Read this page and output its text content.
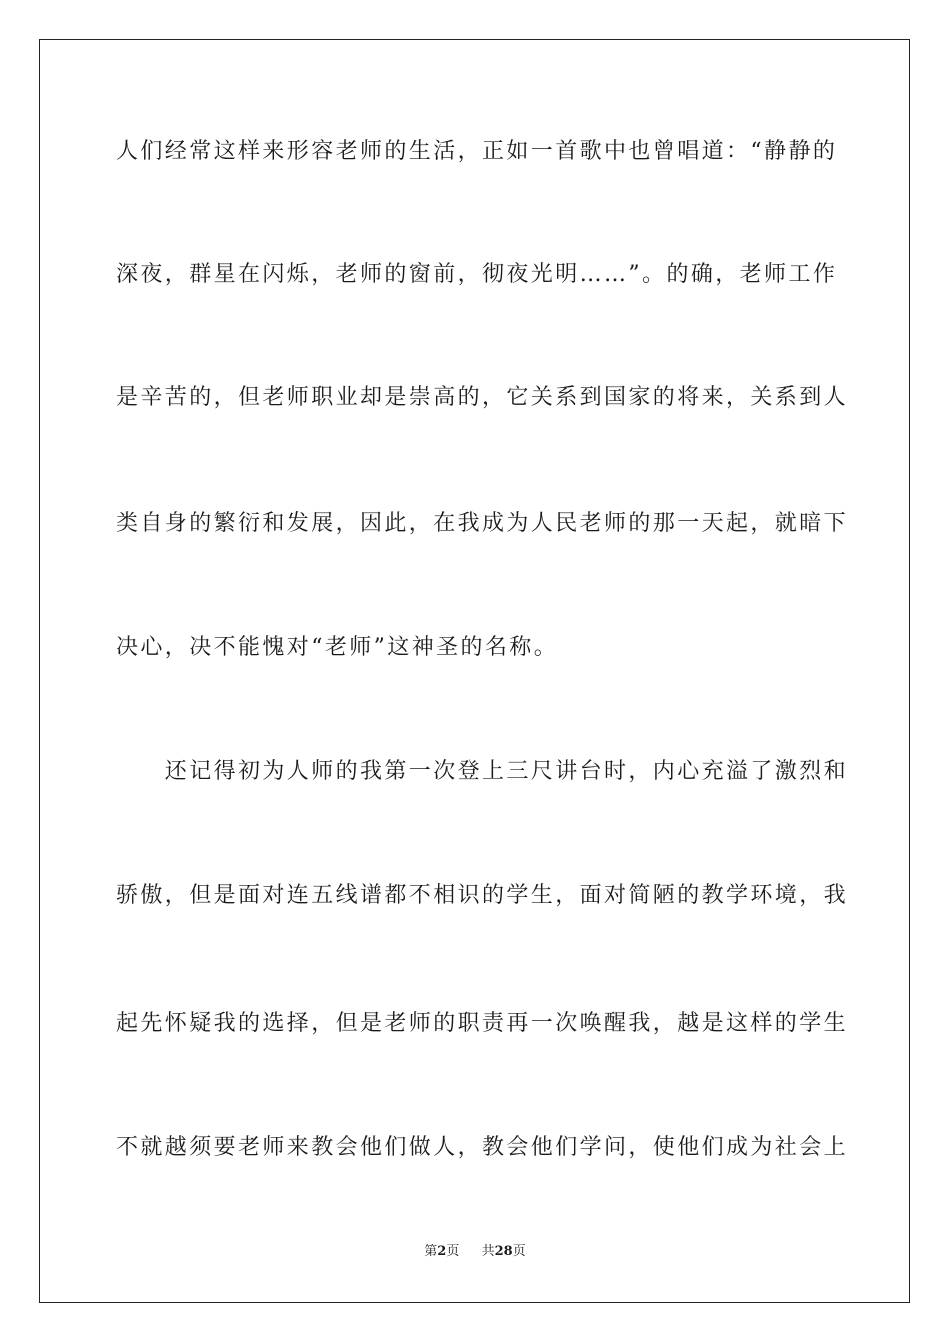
人们经常这样来形容老师的生活，正如一首歌中也曾唱道：“静静的
深夜，群星在闪烁，老师的窗前，彻夜光明……”。的确，老师工作
是辛苦的，但老师职业却是崇高的，它关系到国家的将来，关系到人
类自身的繁衍和发展，因此，在我成为人民老师的那一天起，就暗下
决心，决不能愧对“老师”这神圣的名称。
　　还记得初为人师的我第一次登上三尺讲台时，内心充溢了激烈和
骄傲，但是面对连五线谱都不相识的学生，面对简陋的教学环境，我
起先怀疑我的选择，但是老师的职责再一次唤醒我，越是这样的学生
不就越须要老师来教会他们做人，教会他们学问，使他们成为社会上
第2页 共28页
